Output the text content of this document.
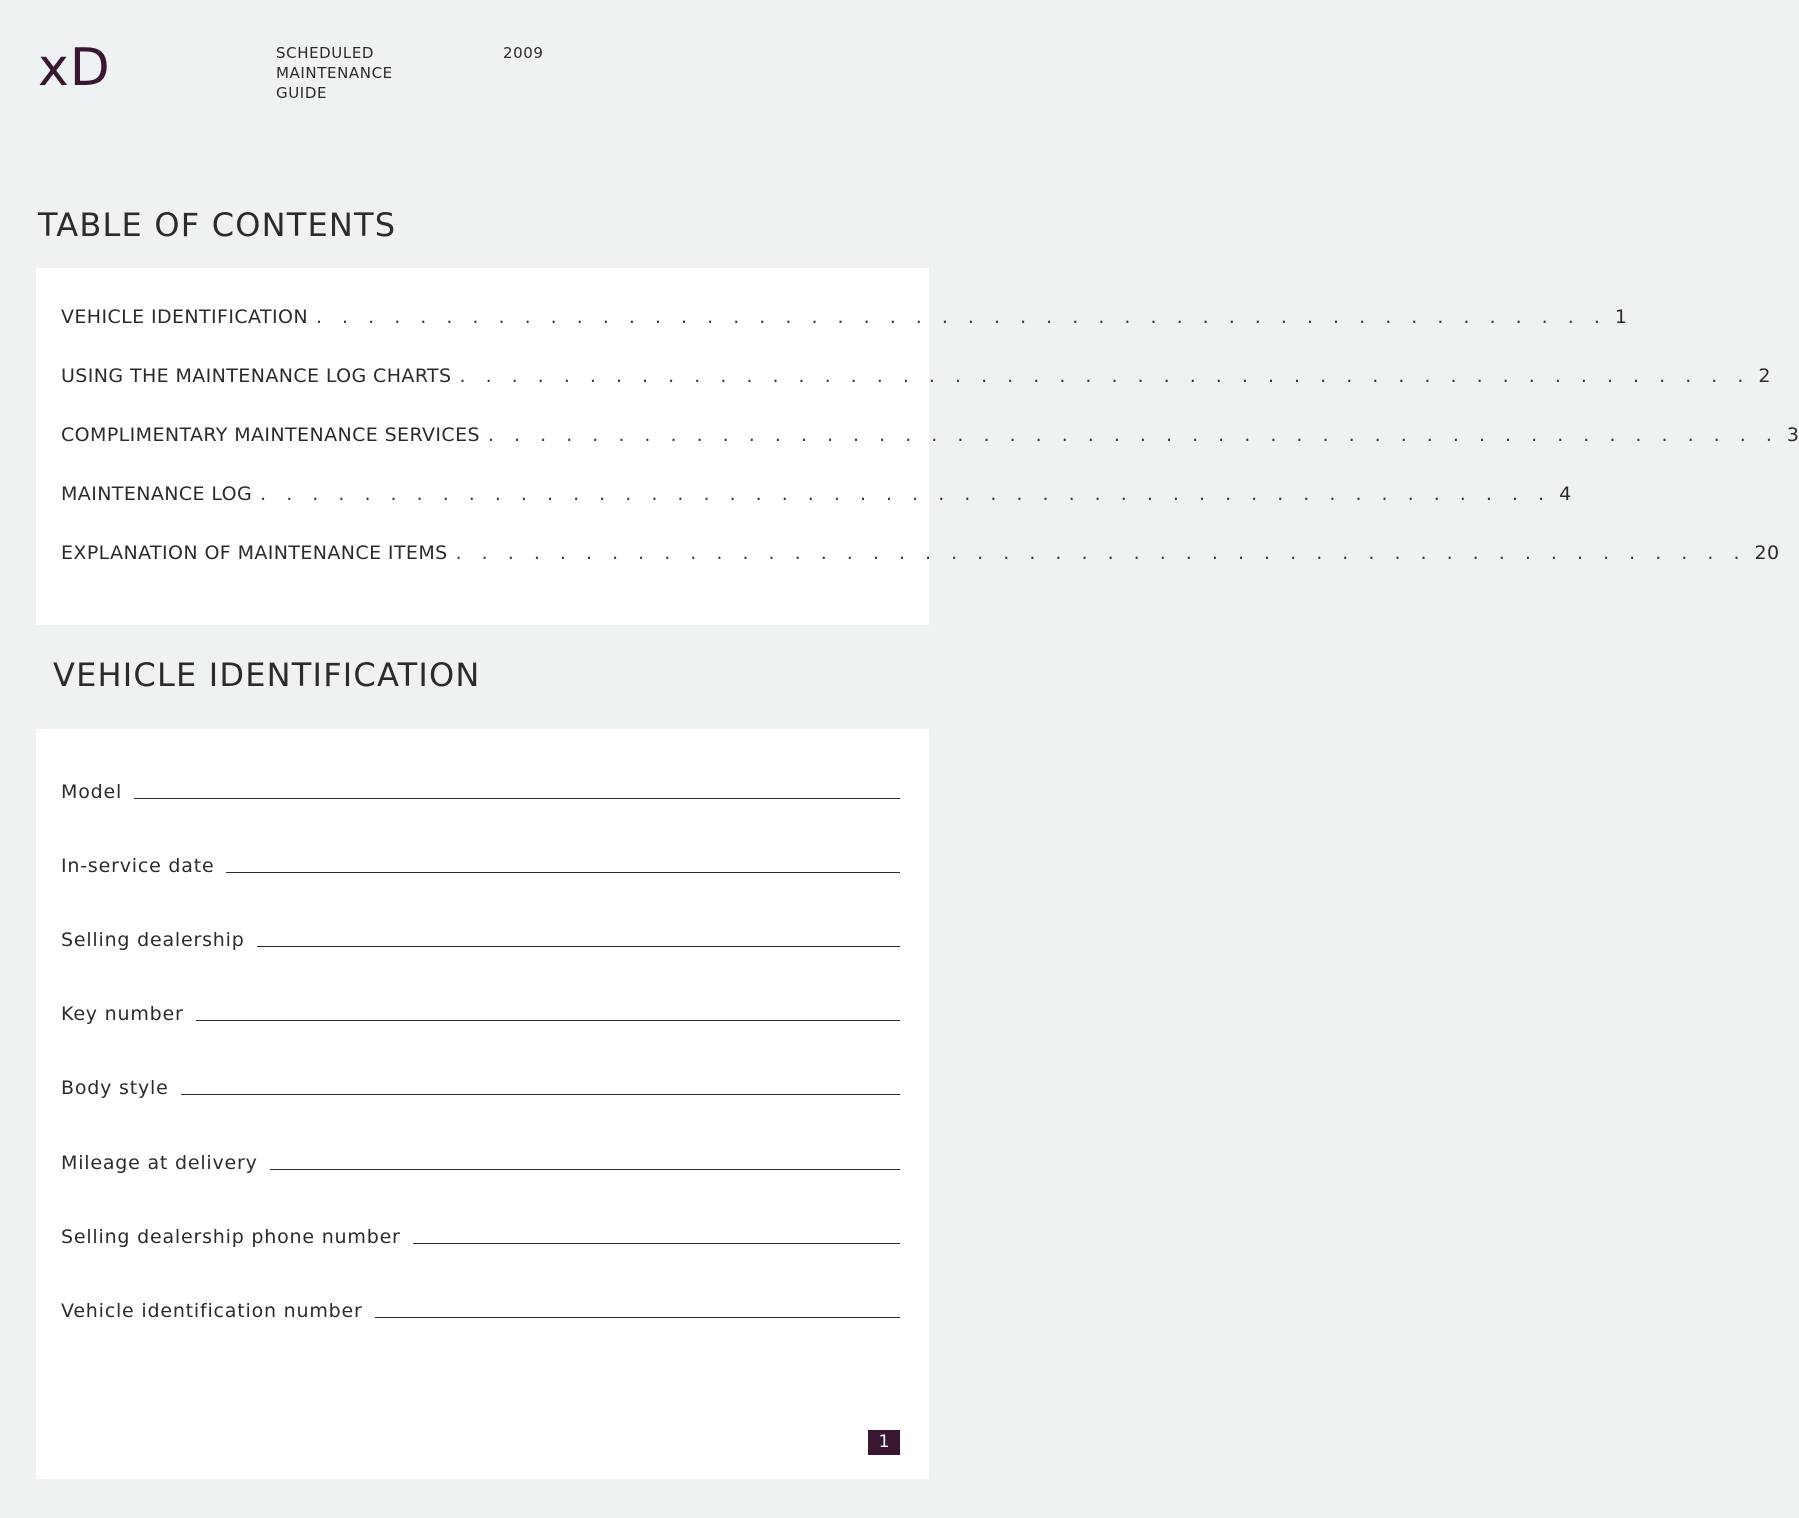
xD	SCHEDULED
MAINTENANCE
GUIDE
2009
TABLE OF CONTENTS
VEHICLE IDENTIFICATION . . . . . . . . . . . . . . . . . . . . . . . . . . . . . . . . . . . . . . . . . . . . . . . . . . 1
USING THE MAINTENANCE LOG CHARTS . . . . . . . . . . . . . . . . . . . . . . . . . . . . . . . . . . . . . . . . . . . . . . . . . . 2
COMPLIMENTARY MAINTENANCE SERVICES . . . . . . . . . . . . . . . . . . . . . . . . . . . . . . . . . . . . . . . . . . . . . . . . . . 3
MAINTENANCE LOG . . . . . . . . . . . . . . . . . . . . . . . . . . . . . . . . . . . . . . . . . . . . . . . . . . 4
EXPLANATION OF MAINTENANCE ITEMS . . . . . . . . . . . . . . . . . . . . . . . . . . . . . . . . . . . . . . . . . . . . . . . . . . 20
VEHICLE IDENTIFICATION
Model
In-service date
Selling dealership
Key number
Body style
Mileage at delivery
Selling dealership phone number
Vehicle identification number
1
